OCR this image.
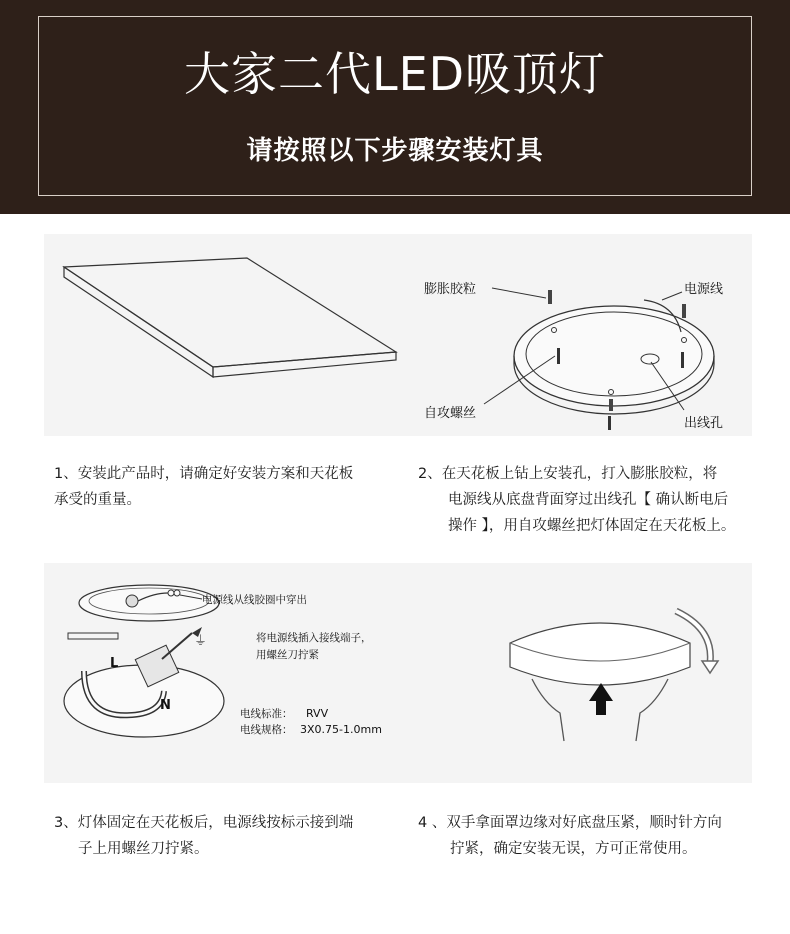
大家二代LED吸顶灯
请按照以下步骤安装灯具
膨胀胶粒	电源线
自攻螺丝
出线孔
1、安装此产品时，请确定好安装方案和天花板
承受的重量。
2、在天花板上钻上安装孔，打入膨胀胶粒，将
电源线从底盘背面穿过出线孔【 确认断电后
操作 】，用自攻螺丝把灯体固定在天花板上。
⏚
L
N
电源线从线胶圈中穿出
将电源线插入接线端子，
用螺丝刀拧紧
电线标准： RVV
电线规格： 3X0.75-1.0mm
3、灯体固定在天花板后，电源线按标示接到端
子上用螺丝刀拧紧。
4 、双手拿面罩边缘对好底盘压紧，顺时针方向
拧紧，确定安装无误，方可正常使用。
